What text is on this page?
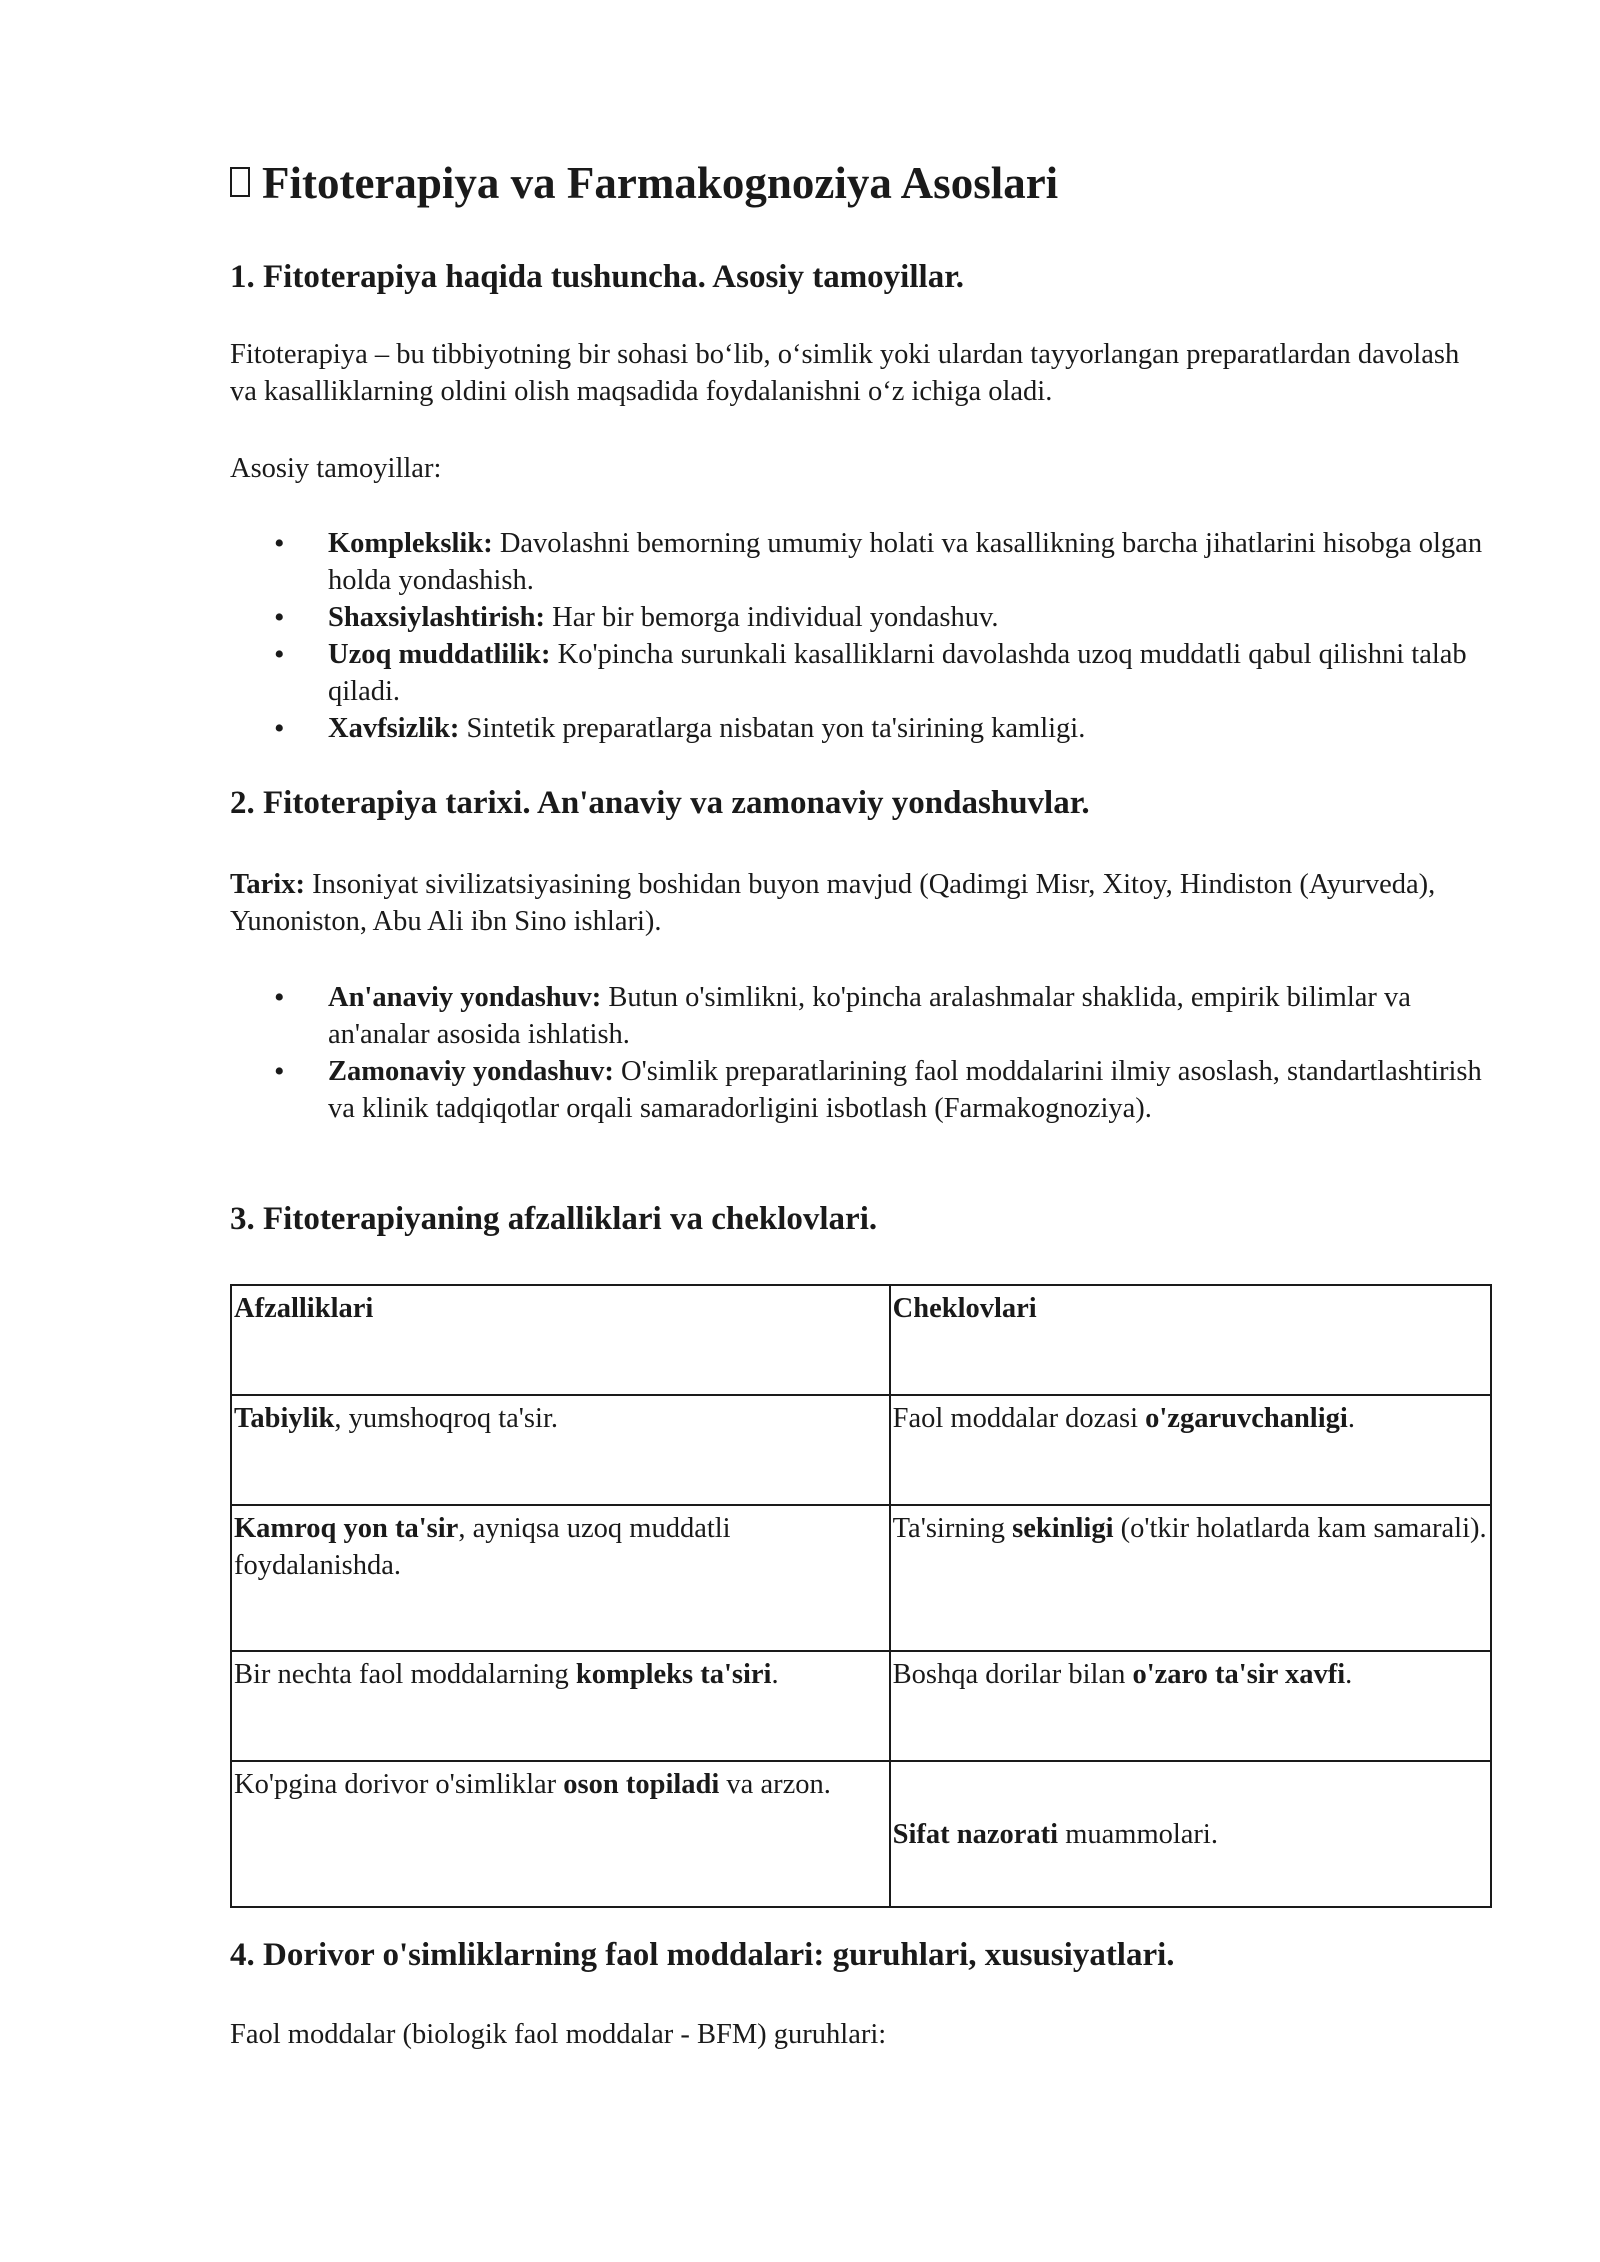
Fitoterapiya va Farmakognoziya Asoslari
1. Fitoterapiya haqida tushuncha. Asosiy tamoyillar.

Fitoterapiya – bu tibbiyotning bir sohasi bo‘lib, o‘simlik yoki ulardan tayyorlangan preparatlardan davolash va kasalliklarning oldini olish maqsadida foydalanishni o‘z ichiga oladi.

Asosiy tamoyillar:

• Komplekslik: Davolashni bemorning umumiy holati va kasallikning barcha jihatlarini hisobga olgan holda yondashish.
• Shaxsiylashtirish: Har bir bemorga individual yondashuv.
• Uzoq muddatlilik: Ko'pincha surunkali kasalliklarni davolashda uzoq muddatli qabul qilishni talab qiladi.
• Xavfsizlik: Sintetik preparatlarga nisbatan yon ta'sirining kamligi.
2. Fitoterapiya tarixi. An'anaviy va zamonaviy yondashuvlar.

Tarix: Insoniyat sivilizatsiyasining boshidan buyon mavjud (Qadimgi Misr, Xitoy, Hindiston (Ayurveda), Yunoniston, Abu Ali ibn Sino ishlari).

• An'anaviy yondashuv: Butun o'simlikni, ko'pincha aralashmalar shaklida, empirik bilimlar va an'analar asosida ishlatish.
• Zamonaviy yondashuv: O'simlik preparatlarining faol moddalarini ilmiy asoslash, standartlashtirish va klinik tadqiqotlar orqali samaradorligini isbotlash (Farmakognoziya).
3. Fitoterapiyaning afzalliklari va cheklovlari.
Afzalliklari	Cheklovlari
Tabiylik, yumshoqroq ta'sir.	Faol moddalar dozasi o'zgaruvchanligi.
Kamroq yon ta'sir, ayniqsa uzoq muddatli foydalanishda.	Ta'sirning sekinligi (o'tkir holatlarda kam samarali).
Bir nechta faol moddalarning kompleks ta'siri.	Boshqa dorilar bilan o'zaro ta'sir xavfi.
Ko'pgina dorivor o'simliklar oson topiladi va arzon.	Sifat nazorati muammolari.
4. Dorivor o'simliklarning faol moddalari: guruhlari, xususiyatlari.

Faol moddalar (biologik faol moddalar - BFM) guruhlari:
